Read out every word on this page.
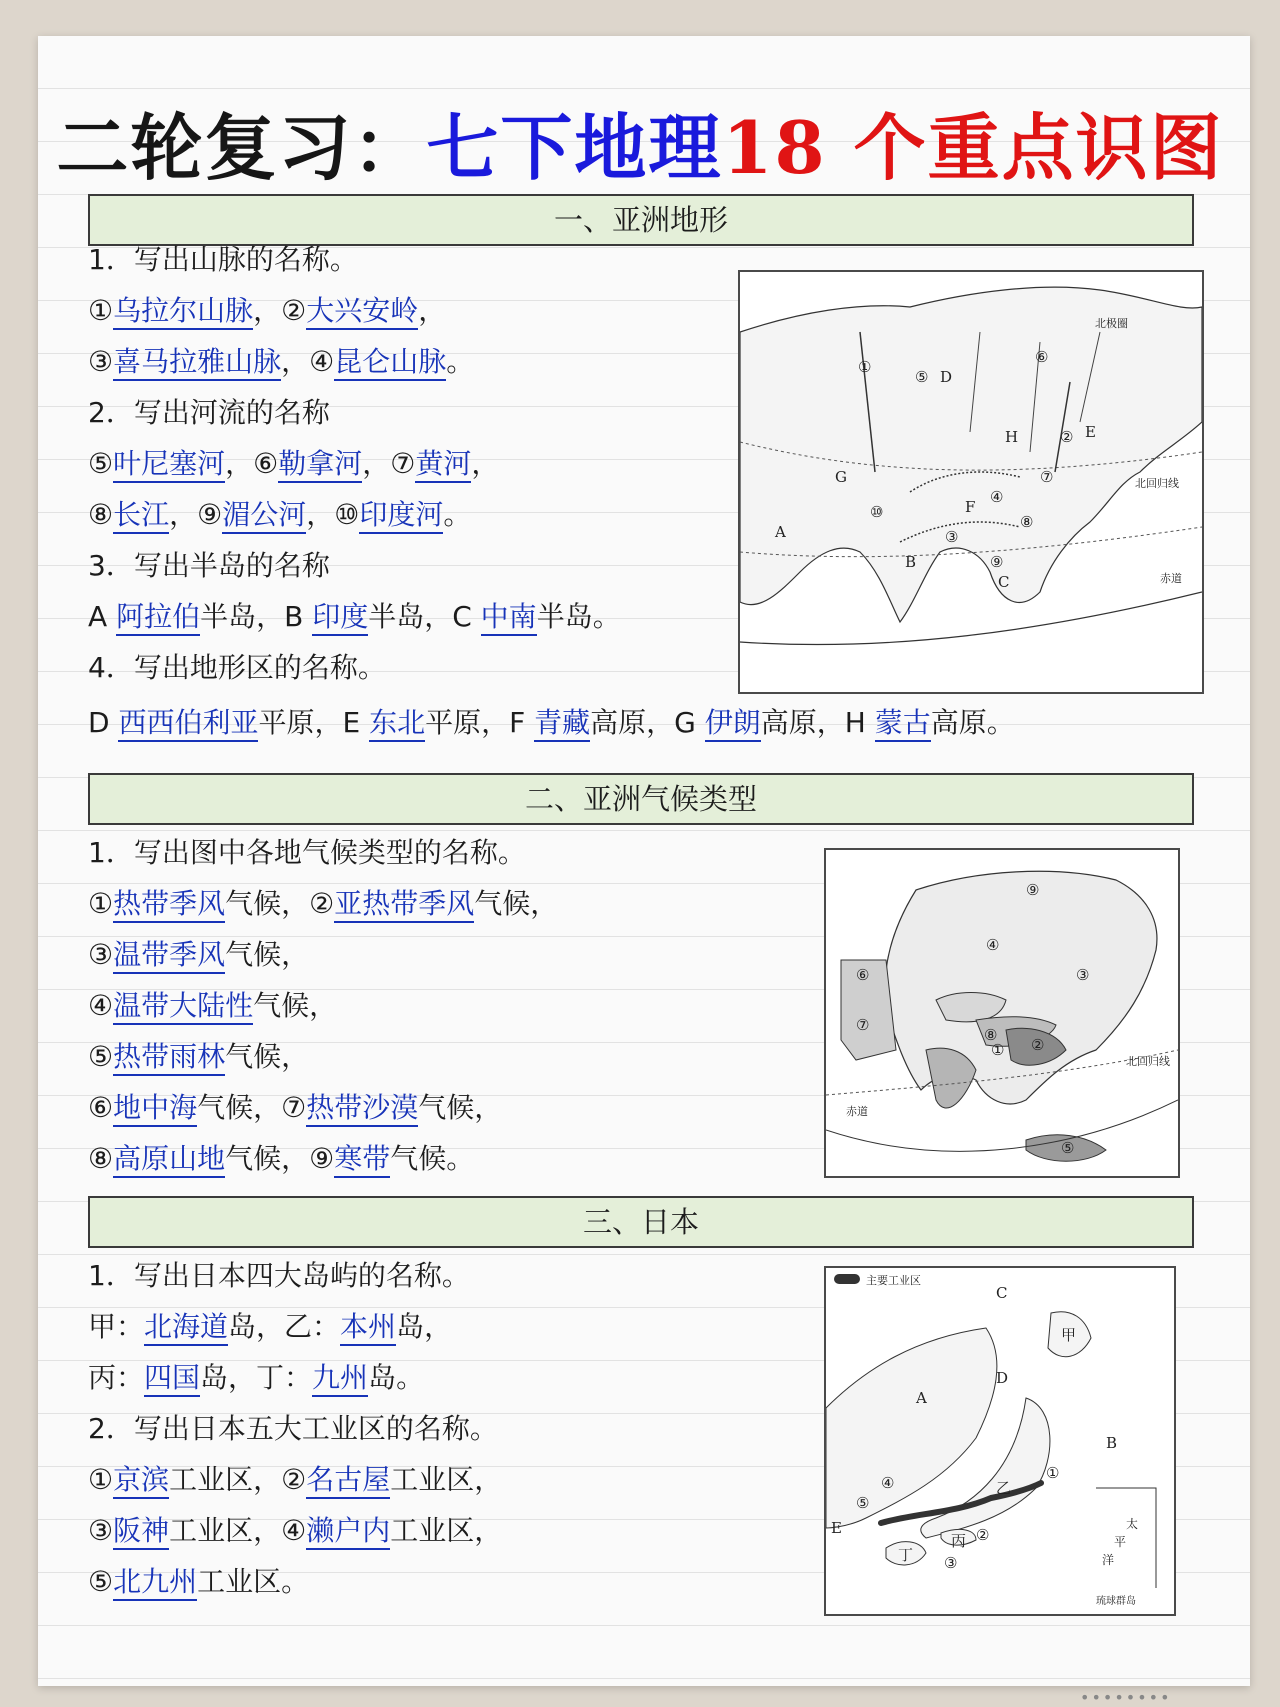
二轮复习：七下地理18 个重点识图
一、亚洲地形
二、亚洲气候类型
三、日本
1．写出山脉的名称。
①乌拉尔山脉，②大兴安岭，
③喜马拉雅山脉，④昆仑山脉。
2．写出河流的名称
⑤叶尼塞河，⑥勒拿河，⑦黄河，
⑧长江，⑨湄公河，⑩印度河。
3．写出半岛的名称
A 阿拉伯半岛，B 印度半岛，C 中南半岛。
4．写出地形区的名称。
D 西西伯利亚平原，E 东北平原，F 青藏高原，G 伊朗高原，H 蒙古高原。
1．写出图中各地气候类型的名称。
①热带季风气候，②亚热带季风气候，
③温带季风气候，
④温带大陆性气候，
⑤热带雨林气候，
⑥地中海气候，⑦热带沙漠气候，
⑧高原山地气候，⑨寒带气候。
1．写出日本四大岛屿的名称。
甲：北海道岛，乙：本州岛，
丙：四国岛，丁：九州岛。
2．写出日本五大工业区的名称。
①京滨工业区，②名古屋工业区，
③阪神工业区，④濑户内工业区，
⑤北九州工业区。
①
②
③
④
⑤
⑥
⑦
⑧
⑨
⑩
A
B
C
D
E
F
G
H
北回归线
赤道
北极圈
① ②
③
④
⑤
⑥
⑦
⑧
⑨
北回归线
赤道
主要工业区
A
B
C
D
E
甲
乙
丙
丁
①
②
③
④
⑤
太
平
洋
琉球群岛
••••••••
